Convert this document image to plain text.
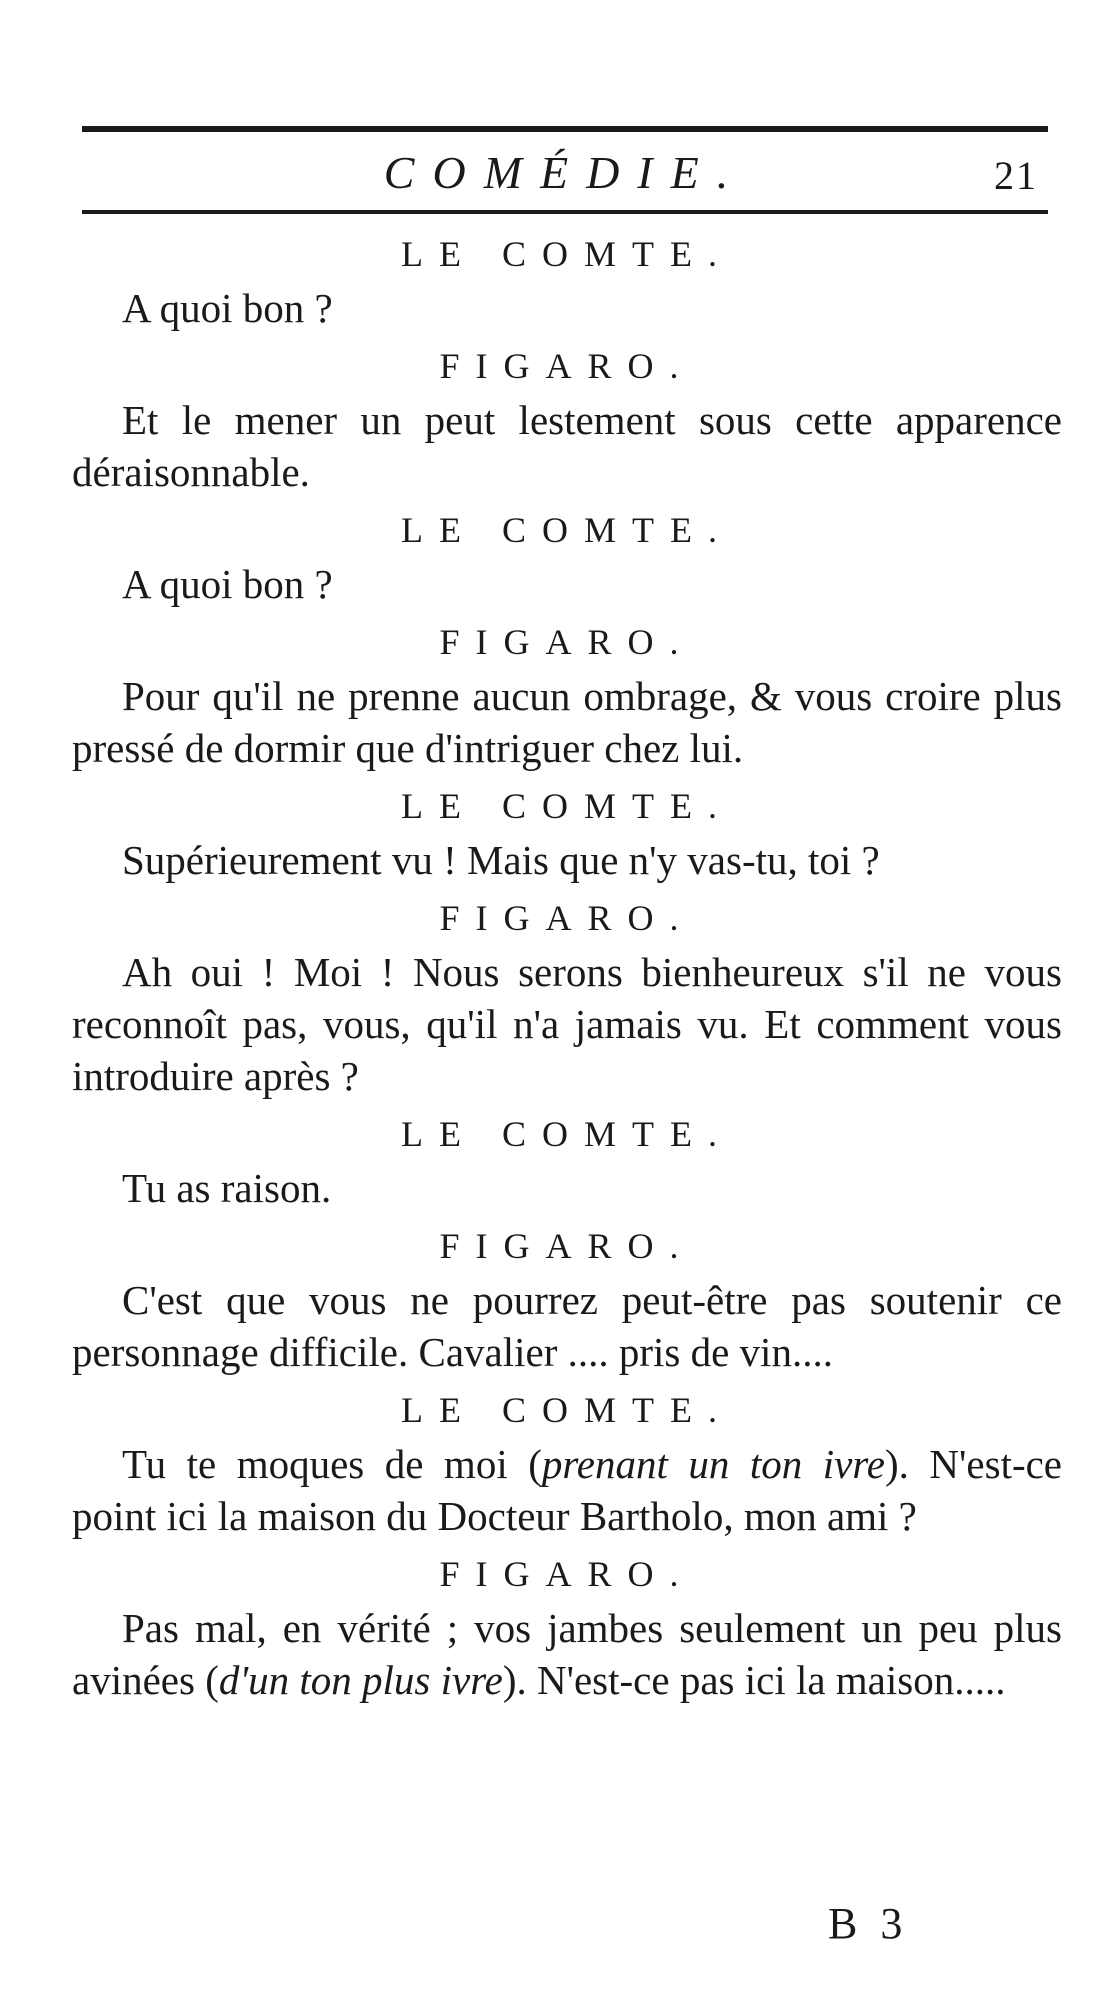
COMÉDIE.	21
LE COMTE.

A quoi bon ?

FIGARO.

Et le mener un peut lestement sous cette apparence déraisonnable.

LE COMTE.

A quoi bon ?

FIGARO.

Pour qu'il ne prenne aucun ombrage, & vous croire plus pressé de dormir que d'intriguer chez lui.

LE COMTE.

Supérieurement vu ! Mais que n'y vas-tu, toi ?

FIGARO.

Ah oui ! Moi ! Nous serons bienheureux s'il ne vous reconnoît pas, vous, qu'il n'a jamais vu. Et comment vous introduire après ?

LE COMTE.

Tu as raison.

FIGARO.

C'est que vous ne pourrez peut-être pas soutenir ce personnage difficile. Cavalier .... pris de vin....

LE COMTE.

Tu te moques de moi (prenant un ton ivre). N'est-ce point ici la maison du Docteur Bartholo, mon ami ?

FIGARO.

Pas mal, en vérité ; vos jambes seulement un peu plus avinées (d'un ton plus ivre). N'est-ce pas ici la maison.....

B 3
